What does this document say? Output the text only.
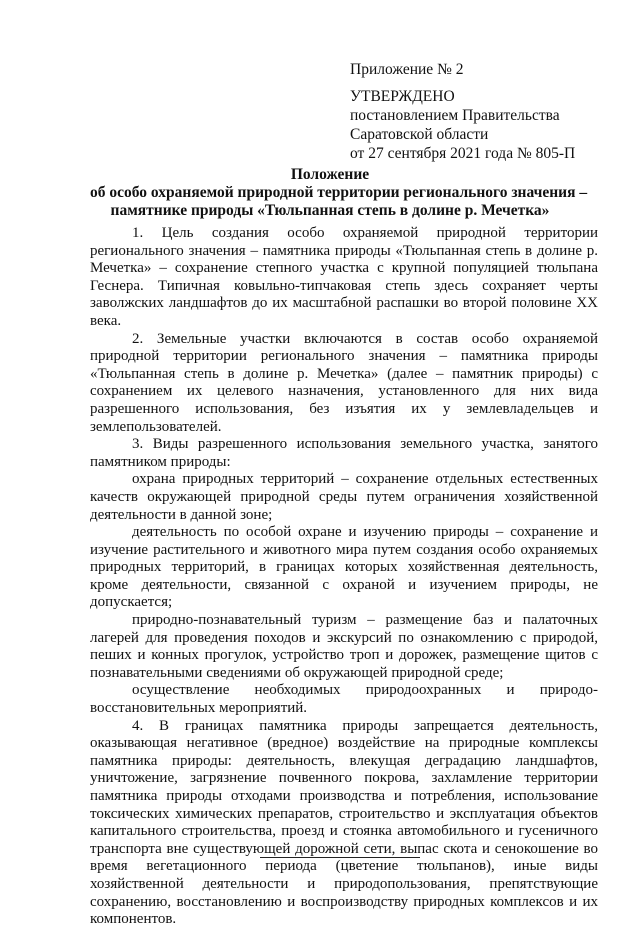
Приложение № 2
УТВЕРЖДЕНО
постановлением Правительства
Саратовской области
от 27 сентября 2021 года № 805-П
Положение
об особо охраняемой природной территории регионального значения –
памятнике природы «Тюльпанная степь в долине р. Мечетка»

1. Цель создания особо охраняемой природной территории регионального значения – памятника природы «Тюльпанная степь в долине р. Мечетка» – сохранение степного участка с крупной популяцией тюльпана Геснера. Типичная ковыльно-типчаковая степь здесь сохраняет черты заволжских ландшафтов до их масштабной распашки во второй половине XX века.

2. Земельные участки включаются в состав особо охраняемой природной территории регионального значения – памятника природы «Тюльпанная степь в долине р. Мечетка» (далее – памятник природы) с сохранением их целевого назначения, установленного для них вида разрешенного использования, без изъятия их у землевладельцев и землепользователей.

3. Виды разрешенного использования земельного участка, занятого памятником природы:

охрана природных территорий – сохранение отдельных естественных качеств окружающей природной среды путем ограничения хозяйственной деятельности в данной зоне;

деятельность по особой охране и изучению природы – сохранение и изучение растительного и животного мира путем создания особо охраняемых природных территорий, в границах которых хозяйственная деятельность, кроме деятельности, связанной с охраной и изучением природы, не допускается;

природно-познавательный туризм – размещение баз и палаточных лагерей для проведения походов и экскурсий по ознакомлению с природой, пеших и конных прогулок, устройство троп и дорожек, размещение щитов с познавательными сведениями об окружающей природной среде;

осуществление необходимых природоохранных и природо-восстановительных мероприятий.

4. В границах памятника природы запрещается деятельность, оказывающая негативное (вредное) воздействие на природные комплексы памятника природы: деятельность, влекущая деградацию ландшафтов, уничтожение, загрязнение почвенного покрова, захламление территории памятника природы отходами производства и потребления, использование токсических химических препаратов, строительство и эксплуатация объектов капитального строительства, проезд и стоянка автомобильного и гусеничного транспорта вне существующей дорожной сети, выпас скота и сенокошение во время вегетационного периода (цветение тюльпанов), иные виды хозяйственной деятельности и природопользования, препятствующие сохранению, восстановлению и воспроизводству природных комплексов и их компонентов.
